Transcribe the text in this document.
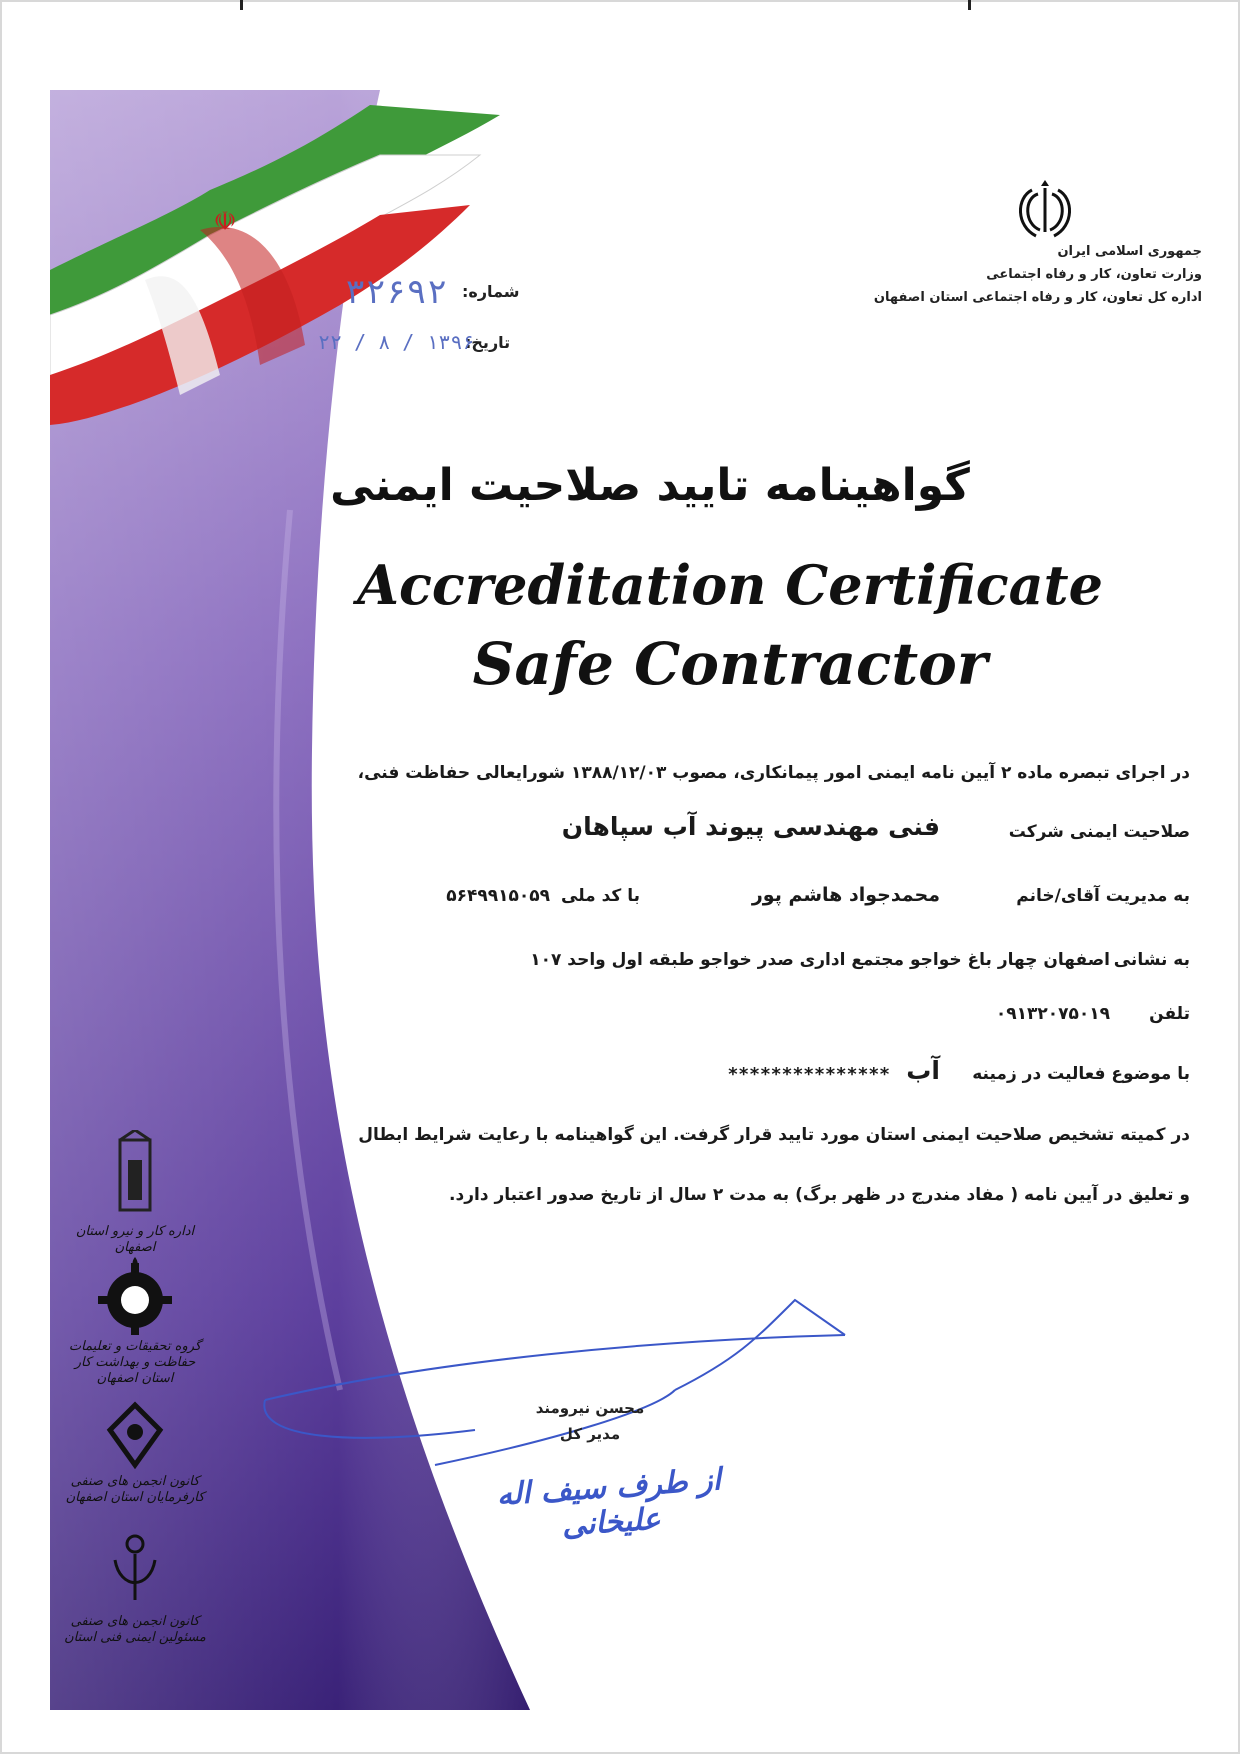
☫
جمهوری اسلامی ایران
وزارت تعاون، کار و رفاه اجتماعی
اداره کل تعاون، کار و رفاه اجتماعی استان اصفهان
شماره:
۳۲۶۹۲
تاریخ:
۱۳۹۶ / ۸ / ۲۲
گواهینامه تایید صلاحیت ایمنی
Accreditation Certificate
Safe Contractor
در اجرای تبصره ماده ۲ آیین نامه ایمنی امور پیمانکاری، مصوب ۱۳۸۸/۱۲/۰۳ شورایعالی حفاظت فنی،
صلاحیت ایمنی شرکت
فنی مهندسی پیوند آب سپاهان
به مدیریت آقای/خانم
محمدجواد هاشم پور
با کد ملی
۵۶۴۹۹۱۵۰۵۹
به نشانی
اصفهان چهار باغ خواجو مجتمع اداری صدر خواجو طبقه اول واحد ۱۰۷
تلفن
۰۹۱۳۲۰۷۵۰۱۹
با موضوع فعالیت در زمینه
آب
***************
در کمیته تشخیص صلاحیت ایمنی استان مورد تایید قرار گرفت. این گواهینامه با رعایت شرایط ابطال
و تعلیق در آیین نامه ( مفاد مندرج در ظهر برگ) به مدت ۲ سال از تاریخ صدور اعتبار دارد.
محسن نیرومند
مدیر کل
از طرف سیف اله علیخانی
اداره کار و نیرو استان اصفهان
گروه تحقیقات و تعلیمات حفاظت و بهداشت کار استان اصفهان
کانون انجمن های صنفی کارفرمایان استان اصفهان
کانون انجمن های صنفی مسئولین ایمنی فنی استان
